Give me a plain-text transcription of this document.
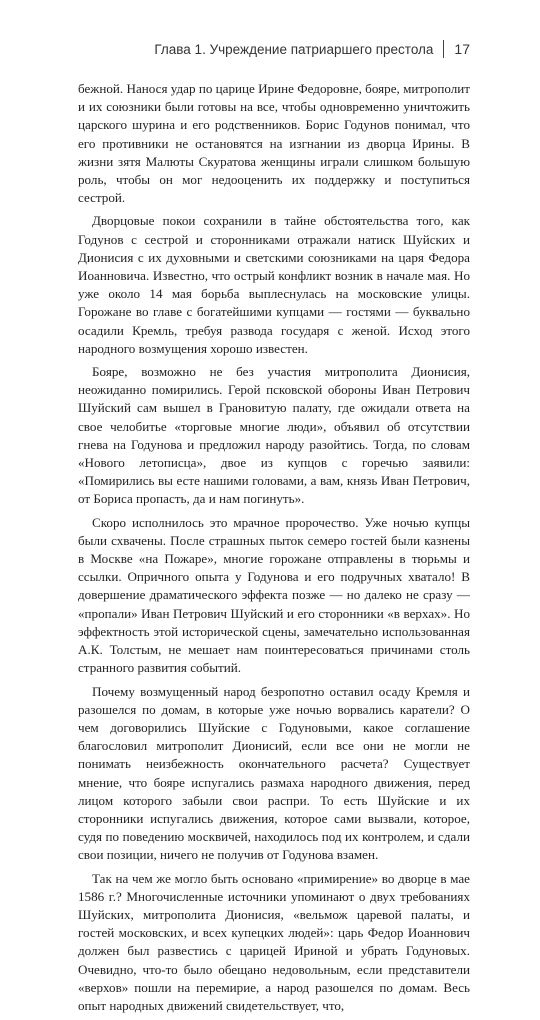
Глава 1. Учреждение патриаршего престола 17

бежной. Нанося удар по царице Ирине Федоровне, бояре, митрополит и их союзники были готовы на все, чтобы одновременно уничтожить царского шурина и его родственников. Борис Годунов понимал, что его противники не остановятся на изгнании из дворца Ирины. В жизни зятя Малюты Скуратова женщины играли слишком большую роль, чтобы он мог недооценить их поддержку и поступиться сестрой.

Дворцовые покои сохранили в тайне обстоятельства того, как Годунов с сестрой и сторонниками отражали натиск Шуйских и Дионисия с их духовными и светскими союзниками на царя Федора Иоанновича. Известно, что острый конфликт возник в начале мая. Но уже около 14 мая борьба выплеснулась на московские улицы. Горожане во главе с богатейшими купцами — гостями — буквально осадили Кремль, требуя развода государя с женой. Исход этого народного возмущения хорошо известен.

Бояре, возможно не без участия митрополита Дионисия, неожиданно помирились. Герой псковской обороны Иван Петрович Шуйский сам вышел в Грановитую палату, где ожидали ответа на свое челобитье «торговые многие люди», объявил об отсутствии гнева на Годунова и предложил народу разойтись. Тогда, по словам «Нового летописца», двое из купцов с горечью заявили: «Помирились вы есте нашими головами, а вам, князь Иван Петрович, от Бориса пропасть, да и нам погинуть».

Скоро исполнилось это мрачное пророчество. Уже ночью купцы были схвачены. После страшных пыток семеро гостей были казнены в Москве «на Пожаре», многие горожане отправлены в тюрьмы и ссылки. Опричного опыта у Годунова и его подручных хватало! В довершение драматического эффекта позже — но далеко не сразу — «пропали» Иван Петрович Шуйский и его сторонники «в верхах». Но эффектность этой исторической сцены, замечательно использованная А.К. Толстым, не мешает нам поинтересоваться причинами столь странного развития событий.

Почему возмущенный народ безропотно оставил осаду Кремля и разошелся по домам, в которые уже ночью ворвались каратели? О чем договорились Шуйские с Годуновыми, какое соглашение благословил митрополит Дионисий, если все они не могли не понимать неизбежность окончательного расчета? Существует мнение, что бояре испугались размаха народного движения, перед лицом которого забыли свои распри. То есть Шуйские и их сторонники испугались движения, которое сами вызвали, которое, судя по поведению москвичей, находилось под их контролем, и сдали свои позиции, ничего не получив от Годунова взамен.

Так на чем же могло быть основано «примирение» во дворце в мае 1586 г.? Многочисленные источники упоминают о двух требованиях Шуйских, митрополита Дионисия, «вельмож царевой палаты, и гостей московских, и всех купецких людей»: царь Федор Иоаннович должен был развестись с царицей Ириной и убрать Годуновых. Очевидно, что-то было обещано недовольным, если представители «верхов» пошли на перемирие, а народ разошелся по домам. Весь опыт народных движений свидетельствует, что,
